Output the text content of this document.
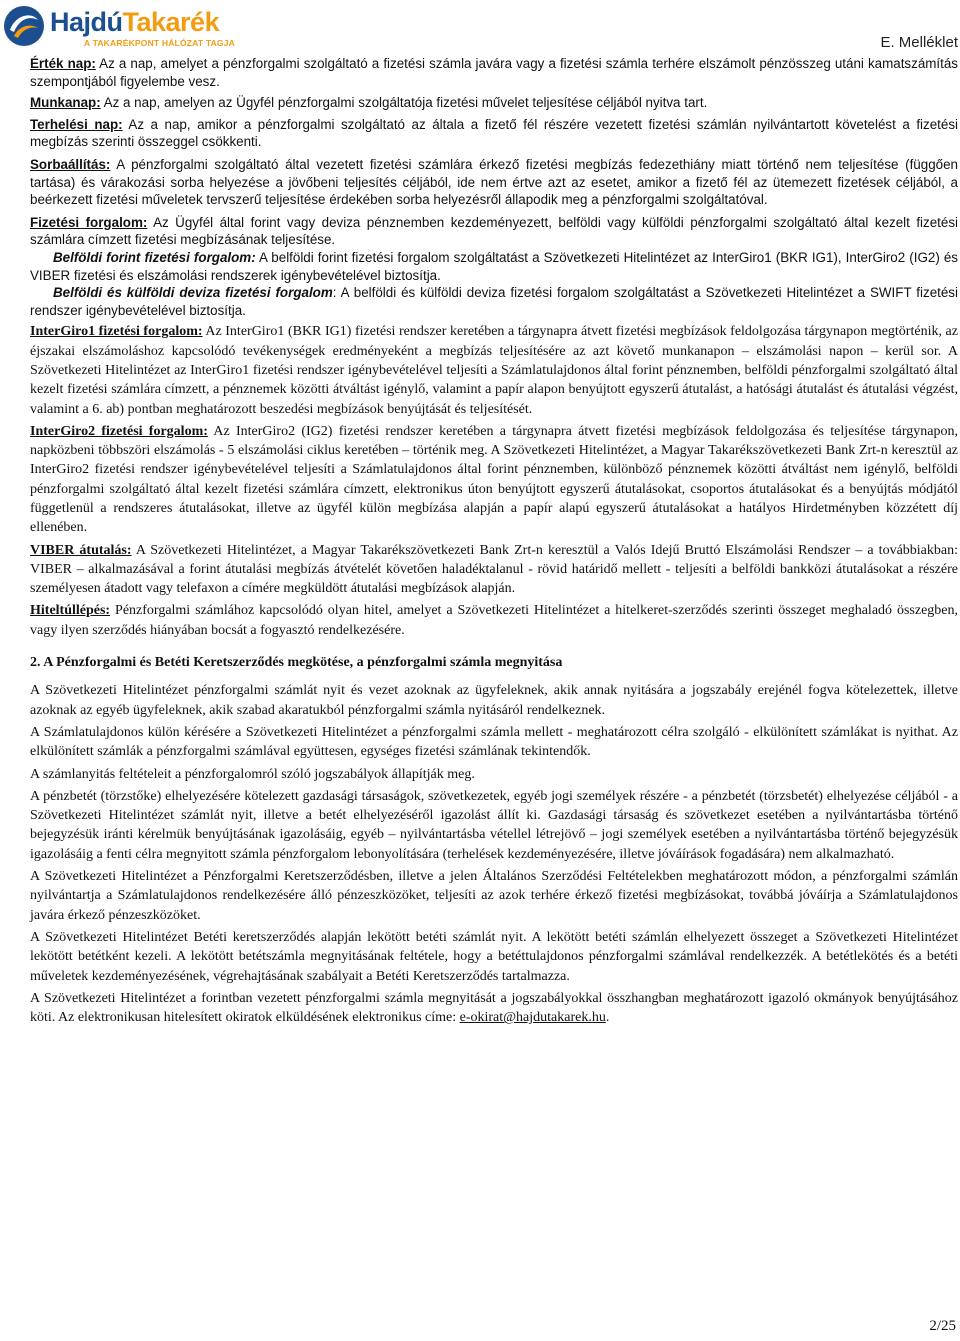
HajdúTakarék
A TAKARÉKPONT HÁLÓZAT TAGJA	E. Melléklet

Érték nap: Az a nap, amelyet a pénzforgalmi szolgáltató a fizetési számla javára vagy a fizetési számla terhére elszámolt pénzösszeg utáni kamatszámítás szempontjából figyelembe vesz.

Munkanap: Az a nap, amelyen az Ügyfél pénzforgalmi szolgáltatója fizetési művelet teljesítése céljából nyitva tart.

Terhelési nap: Az a nap, amikor a pénzforgalmi szolgáltató az általa a fizető fél részére vezetett fizetési számlán nyilvántartott követelést a fizetési megbízás szerinti összeggel csökkenti.

Sorbaállítás: A pénzforgalmi szolgáltató által vezetett fizetési számlára érkező fizetési megbízás fedezethiány miatt történő nem teljesítése (függően tartása) és várakozási sorba helyezése a jövőbeni teljesítés céljából, ide nem értve azt az esetet, amikor a fizető fél az ütemezett fizetések céljából, a beérkezett fizetési műveletek tervszerű teljesítése érdekében sorba helyezésről állapodik meg a pénzforgalmi szolgáltatóval.

Fizetési forgalom: Az Ügyfél által forint vagy deviza pénznemben kezdeményezett, belföldi vagy külföldi pénzforgalmi szolgáltató által kezelt fizetési számlára címzett fizetési megbízásának teljesítése.

Belföldi forint fizetési forgalom: A belföldi forint fizetési forgalom szolgáltatást a Szövetkezeti Hitelintézet az InterGiro1 (BKR IG1), InterGiro2 (IG2) és VIBER fizetési és elszámolási rendszerek igénybevételével biztosítja.

Belföldi és külföldi deviza fizetési forgalom: A belföldi és külföldi deviza fizetési forgalom szolgáltatást a Szövetkezeti Hitelintézet a SWIFT fizetési rendszer igénybevételével biztosítja.

InterGiro1 fizetési forgalom: Az InterGiro1 (BKR IG1) fizetési rendszer keretében a tárgynapra átvett fizetési megbízások feldolgozása tárgynapon megtörténik, az éjszakai elszámoláshoz kapcsolódó tevékenységek eredményeként a megbízás teljesítésére az azt követő munkanapon – elszámolási napon – kerül sor. A Szövetkezeti Hitelintézet az InterGiro1 fizetési rendszer igénybevételével teljesíti a Számlatulajdonos által forint pénznemben, belföldi pénzforgalmi szolgáltató által kezelt fizetési számlára címzett, a pénznemek közötti átváltást igénylő, valamint a papír alapon benyújtott egyszerű átutalást, a hatósági átutalást és átutalási végzést, valamint a 6. ab) pontban meghatározott beszedési megbízások benyújtását és teljesítését.

InterGiro2 fizetési forgalom: Az InterGiro2 (IG2) fizetési rendszer keretében a tárgynapra átvett fizetési megbízások feldolgozása és teljesítése tárgynapon, napközbeni többszöri elszámolás - 5 elszámolási ciklus keretében – történik meg. A Szövetkezeti Hitelintézet, a Magyar Takarékszövetkezeti Bank Zrt-n keresztül az InterGiro2 fizetési rendszer igénybevételével teljesíti a Számlatulajdonos által forint pénznemben, különböző pénznemek közötti átváltást nem igénylő, belföldi pénzforgalmi szolgáltató által kezelt fizetési számlára címzett, elektronikus úton benyújtott egyszerű átutalásokat, csoportos átutalásokat és a benyújtás módjától függetlenül a rendszeres átutalásokat, illetve az ügyfél külön megbízása alapján a papír alapú egyszerű átutalásokat a hatályos Hirdetményben közzétett díj ellenében.

VIBER átutalás: A Szövetkezeti Hitelintézet, a Magyar Takarékszövetkezeti Bank Zrt-n keresztül a Valós Idejű Bruttó Elszámolási Rendszer – a továbbiakban: VIBER – alkalmazásával a forint átutalási megbízás átvételét követően haladéktalanul - rövid határidő mellett - teljesíti a belföldi bankközi átutalásokat a részére személyesen átadott vagy telefaxon a címére megküldött átutalási megbízások alapján.

Hiteltúllépés: Pénzforgalmi számlához kapcsolódó olyan hitel, amelyet a Szövetkezeti Hitelintézet a hitelkeret-szerződés szerinti összeget meghaladó összegben, vagy ilyen szerződés hiányában bocsát a fogyasztó rendelkezésére.

2. A Pénzforgalmi és Betéti Keretszerződés megkötése, a pénzforgalmi számla megnyitása

A Szövetkezeti Hitelintézet pénzforgalmi számlát nyit és vezet azoknak az ügyfeleknek, akik annak nyitására a jogszabály erejénél fogva kötelezettek, illetve azoknak az egyéb ügyfeleknek, akik szabad akaratukból pénzforgalmi számla nyitásáról rendelkeznek.

A Számlatulajdonos külön kérésére a Szövetkezeti Hitelintézet a pénzforgalmi számla mellett - meghatározott célra szolgáló - elkülönített számlákat is nyithat. Az elkülönített számlák a pénzforgalmi számlával együttesen, egységes fizetési számlának tekintendők.

A számlanyitás feltételeit a pénzforgalomról szóló jogszabályok állapítják meg.

A pénzbetét (törzstőke) elhelyezésére kötelezett gazdasági társaságok, szövetkezetek, egyéb jogi személyek részére - a pénzbetét (törzsbetét) elhelyezése céljából - a Szövetkezeti Hitelintézet számlát nyit, illetve a betét elhelyezéséről igazolást állít ki. Gazdasági társaság és szövetkezet esetében a nyilvántartásba történő bejegyzésük iránti kérelmük benyújtásának igazolásáig, egyéb – nyilvántartásba vétellel létrejövő – jogi személyek esetében a nyilvántartásba történő bejegyzésük igazolásáig a fenti célra megnyitott számla pénzforgalom lebonyolítására (terhelések kezdeményezésére, illetve jóváírások fogadására) nem alkalmazható.

A Szövetkezeti Hitelintézet a Pénzforgalmi Keretszerződésben, illetve a jelen Általános Szerződési Feltételekben meghatározott módon, a pénzforgalmi számlán nyilvántartja a Számlatulajdonos rendelkezésére álló pénzeszközöket, teljesíti az azok terhére érkező fizetési megbízásokat, továbbá jóváírja a Számlatulajdonos javára érkező pénzeszközöket.

A Szövetkezeti Hitelintézet Betéti keretszerződés alapján lekötött betéti számlát nyit. A lekötött betéti számlán elhelyezett összeget a Szövetkezeti Hitelintézet lekötött betétként kezeli. A lekötött betétszámla megnyitásának feltétele, hogy a betéttulajdonos pénzforgalmi számlával rendelkezzék. A betétlekötés és a betéti műveletek kezdeményezésének, végrehajtásának szabályait a Betéti Keretszerződés tartalmazza.

A Szövetkezeti Hitelintézet a forintban vezetett pénzforgalmi számla megnyitását a jogszabályokkal összhangban meghatározott igazoló okmányok benyújtásához köti. Az elektronikusan hitelesített okiratok elküldésének elektronikus címe: e-okirat@hajdutakarek.hu.

2/25
